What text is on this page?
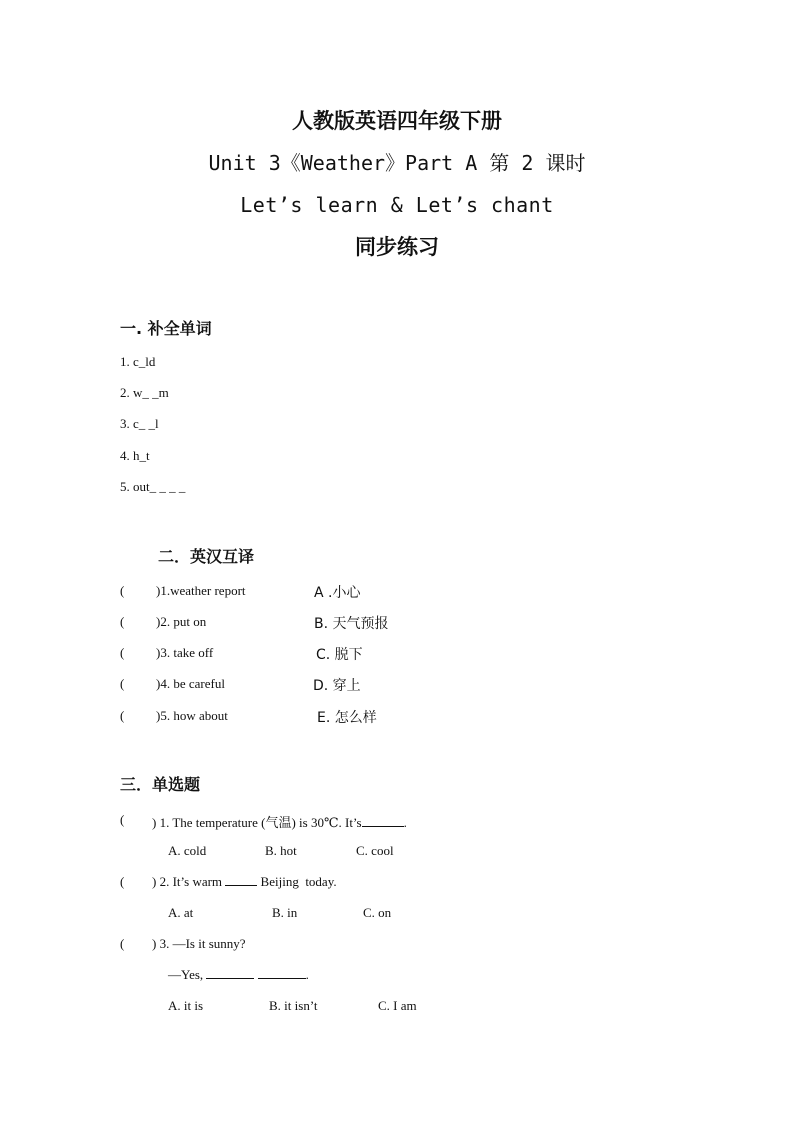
人教版英语四年级下册
Unit 3《Weather》Part A 第 2 课时
Let’s learn & Let’s chant
同步练习
一. 补全单词
1. c_ld
2. w_ _m
3. c_ _l
4. h_t
5. out_ _ _ _
二．英汉互译
( )1.weather report	A .小心
( )2. put on	B. 天气预报
( )3. take off	C. 脱下
( )4. be careful	D. 穿上
( )5. how about	E. 怎么样
三．单选题
( ) 1. The temperature (气温) is 30℃. It’s	.
A. cold	B. hot	C. cool
( ) 2. It’s warm	Beijing  today.
A. at	B. in	C. on
( ) 3. —Is it sunny?
—Yes,	.
A. it is	B. it isn’t	C. I am
